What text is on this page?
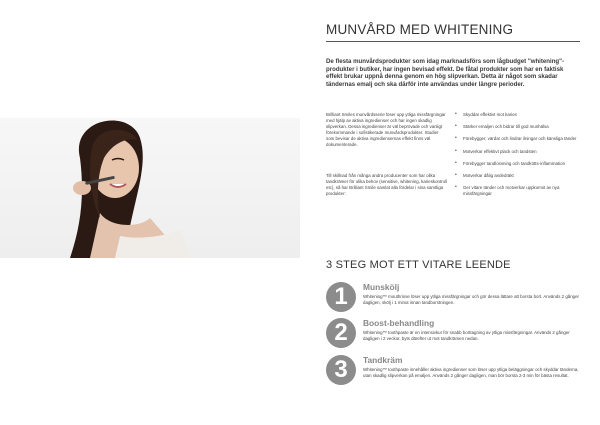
MUNVÅRD MED WHITENING

De flesta munvårdsprodukter som idag marknadsförs som lågbudget "whitening"-produkter i butiker, har ingen bevisad effekt. De fåtal produkter som har en faktisk effekt brukar uppnå denna genom en hög slipverkan. Detta är något som skadar tändernas emalj och ska därför inte användas under längre perioder.

Brilliant Smiles munvårdsserie löser upp ytliga missfärgningar med hjälp av aktiva ingredienser och har ingen skadlig slipverkan. Dessa ingredienser är väl beprövade och vanligt förekommande i sofistikerade munvårdsprodukter. Studier som bevisar de aktiva ingrediensernas effekt finns väl dokumenterade.

Till skillnad från många andra producenter som har olika tandkrämer för olika behov (sensitive, whitening, karieskontroll etc), så har Brilliant Smile samlat alla fördelar i sina samtliga produkter:

• Skyddar effektivt mot karies
• Stärker emaljen och bidrar till god munhälsa
• Förebygger, värdar och lindrar ilningar och känsliga tänder
• Motverkar effektivt plack och tandsten
• Förebygger tandlossning och tandkötts-inflammation
• Motverkar dålig andedräkt
• Ger vitare tänder och motverkar uppkomst av nya missfärgningar
3 STEG MOT ETT VITARE LEENDE
1	Munskölj

Whitening™ mouthrinse löser upp ytliga missfärgningar och gör dessa lättare att borsta bort. Används 2 gånger dagligen, skölj i 1 minut innan tandborstningen.

2	Boost-behandling

Whitening™ toothpaste är en intensivkur för snabb borttagning av ytliga missfärgningar. Används 2 gånger dagligen i 2 veckor, byts därefter ut mot tandkrämen nedan.

3	Tandkräm

Whitening™ toothpaste innehåller aktiva ingredienser som löser upp ytliga beläggningar och skyddar tänderna, utan skadlig slipverkan på emaljen. Används 2 gånger dagligen, man bör borsta 2-3 min för bästa resultat.
